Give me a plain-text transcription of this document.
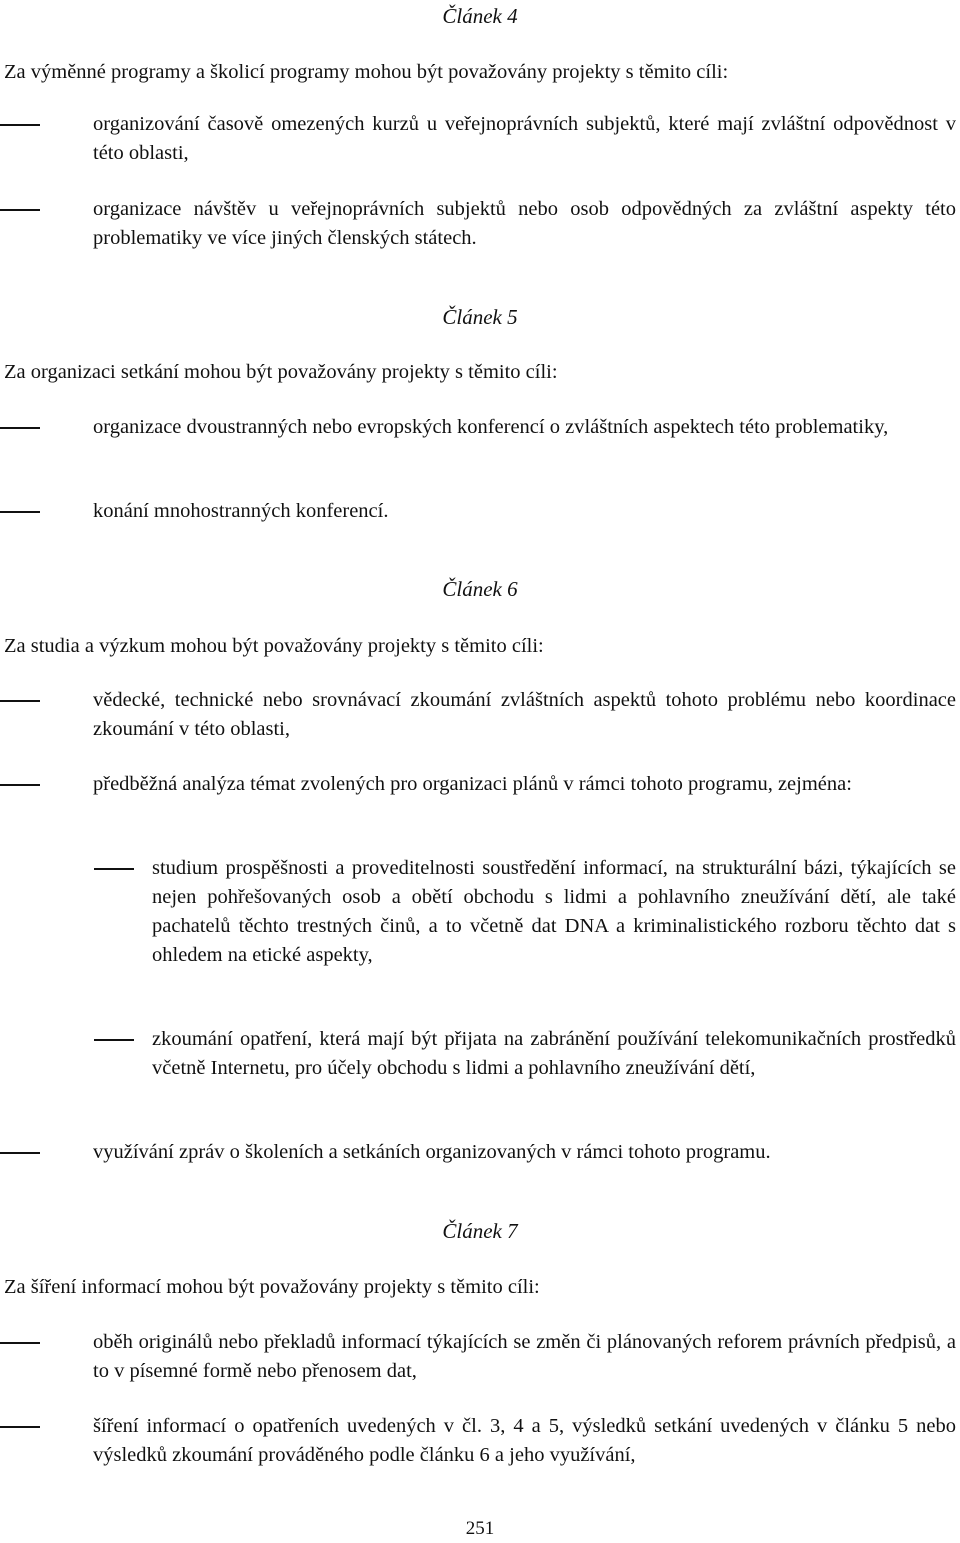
Článek 4

Za výměnné programy a školicí programy mohou být považovány projekty s těmito cíli:

organizování časově omezených kurzů u veřejnoprávních subjektů, které mají zvláštní odpovědnost v této oblasti,
organizace návštěv u veřejnoprávních subjektů nebo osob odpovědných za zvláštní aspekty této problematiky ve více jiných členských státech.
Článek 5

Za organizaci setkání mohou být považovány projekty s těmito cíli:

organizace dvoustranných nebo evropských konferencí o zvláštních aspektech této problematiky,
konání mnohostranných konferencí.
Článek 6

Za studia a výzkum mohou být považovány projekty s těmito cíli:

vědecké, technické nebo srovnávací zkoumání zvláštních aspektů tohoto problému nebo koordinace zkoumání v této oblasti,
předběžná analýza témat zvolených pro organizaci plánů v rámci tohoto programu, zejména:
studium prospěšnosti a proveditelnosti soustředění informací, na strukturální bázi, týkajících se nejen pohřešovaných osob a obětí obchodu s lidmi a pohlavního zneužívání dětí, ale také pachatelů těchto trestných činů, a to včetně dat DNA a kriminalistického rozboru těchto dat s ohledem na etické aspekty,
zkoumání opatření, která mají být přijata na zabránění používání telekomunikačních prostředků včetně Internetu, pro účely obchodu s lidmi a pohlavního zneužívání dětí,
využívání zpráv o školeních a setkáních organizovaných v rámci tohoto programu.
Článek 7

Za šíření informací mohou být považovány projekty s těmito cíli:

oběh originálů nebo překladů informací týkajících se změn či plánovaných reforem právních předpisů, a to v písemné formě nebo přenosem dat,
šíření informací o opatřeních uvedených v čl. 3, 4 a 5, výsledků setkání uvedených v článku 5 nebo výsledků zkoumání prováděného podle článku 6 a jeho využívání,
251
